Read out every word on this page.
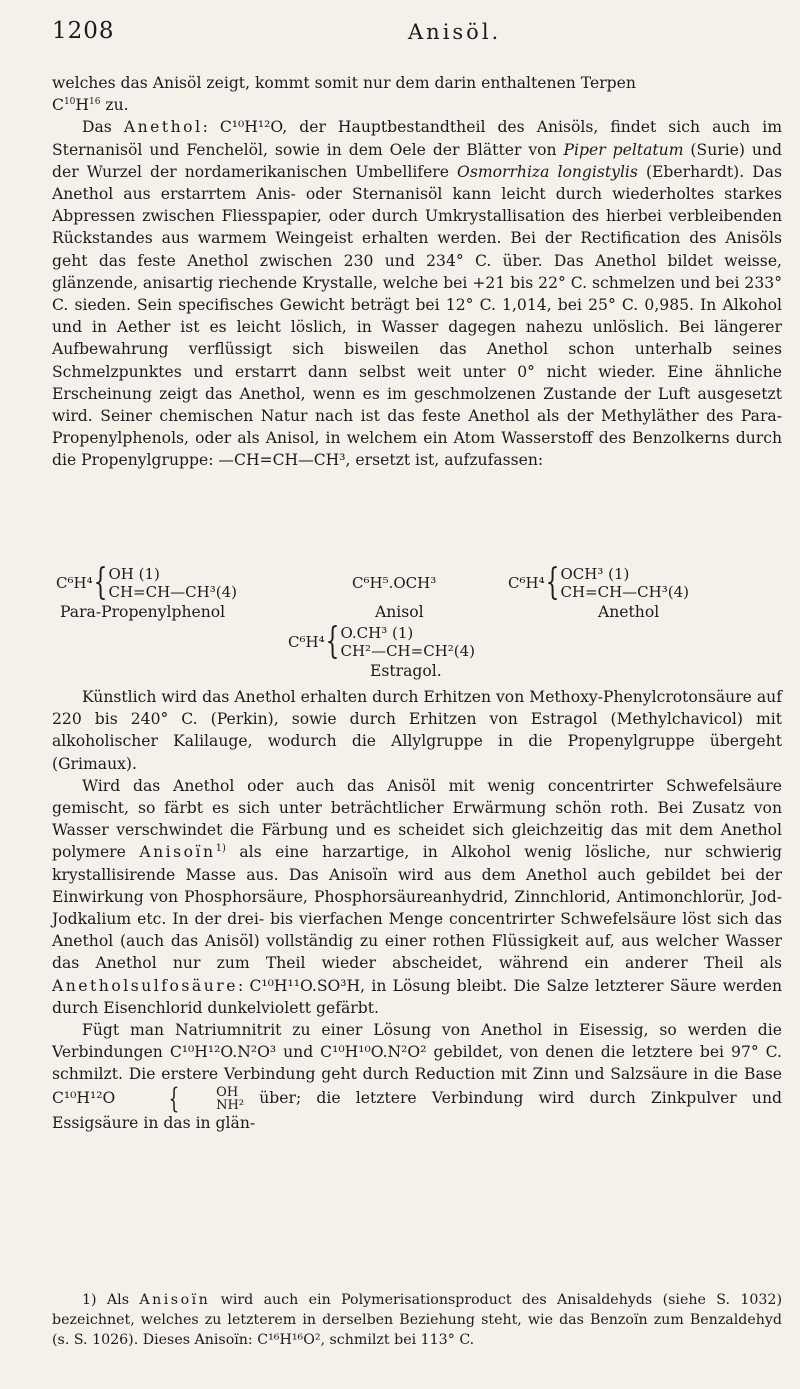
1208	Anisöl.

welches das Anisöl zeigt, kommt somit nur dem darin enthaltenen Terpen
$C^{10}H^{16}$ zu.

Das Anethol: C¹⁰H¹²O, der Hauptbestandtheil des Anisöls, findet sich auch im Sternanisöl und Fenchelöl, sowie in dem Oele der Blätter von Piper peltatum (Surie) und der Wurzel der nordamerikanischen Umbellifere Osmorrhiza longistylis (Eberhardt). Das Anethol aus erstarrtem Anis- oder Sternanisöl kann leicht durch wiederholtes starkes Abpressen zwischen Fliesspapier, oder durch Umkrystallisation des hierbei verbleibenden Rückstandes aus warmem Weingeist erhalten werden. Bei der Rectification des Anisöls geht das feste Anethol zwischen 230 und 234° C. über. Das Anethol bildet weisse, glänzende, anisartig riechende Krystalle, welche bei +21 bis 22° C. schmelzen und bei 233° C. sieden. Sein specifisches Gewicht beträgt bei 12° C. 1,014, bei 25° C. 0,985. In Alkohol und in Aether ist es leicht löslich, in Wasser dagegen nahezu unlöslich. Bei längerer Aufbewahrung verflüssigt sich bisweilen das Anethol schon unterhalb seines Schmelzpunktes und erstarrt dann selbst weit unter 0° nicht wieder. Eine ähnliche Erscheinung zeigt das Anethol, wenn es im geschmolzenen Zustande der Luft ausgesetzt wird. Seiner chemischen Natur nach ist das feste Anethol als der Methyläther des Para-Propenylphenols, oder als Anisol, in welchem ein Atom Wasserstoff des Benzolkerns durch die Propenylgruppe: —CH=CH—CH³, ersetzt ist, aufzufassen:

C⁶H⁴{ OH (1)
CH=CH—CH³(4)
Para-Propenylphenol
C⁶H⁵.OCH³
Anisol
C⁶H⁴{ OCH³ (1)
CH=CH—CH³(4)
Anethol
C⁶H⁴{ O.CH³ (1)
CH²—CH=CH²(4)
Estragol.

Künstlich wird das Anethol erhalten durch Erhitzen von Methoxy-Phenylcrotonsäure auf 220 bis 240° C. (Perkin), sowie durch Erhitzen von Estragol (Methylchavicol) mit alkoholischer Kalilauge, wodurch die Allylgruppe in die Propenylgruppe übergeht (Grimaux).

Wird das Anethol oder auch das Anisöl mit wenig concentrirter Schwefelsäure gemischt, so färbt es sich unter beträchtlicher Erwärmung schön roth. Bei Zusatz von Wasser verschwindet die Färbung und es scheidet sich gleichzeitig das mit dem Anethol polymere Anisoïn$^{1)}$ als eine harzartige, in Alkohol wenig lösliche, nur schwierig krystallisirende Masse aus. Das Anisoïn wird aus dem Anethol auch gebildet bei der Einwirkung von Phosphorsäure, Phosphorsäureanhydrid, Zinnchlorid, Antimonchlorür, Jod-Jodkalium etc. In der drei- bis vierfachen Menge concentrirter Schwefelsäure löst sich das Anethol (auch das Anisöl) vollständig zu einer rothen Flüssigkeit auf, aus welcher Wasser das Anethol nur zum Theil wieder abscheidet, während ein anderer Theil als Anetholsulfosäure: C¹⁰H¹¹O.SO³H, in Lösung bleibt. Die Salze letzterer Säure werden durch Eisenchlorid dunkelviolett gefärbt.

Fügt man Natriumnitrit zu einer Lösung von Anethol in Eisessig, so werden die Verbindungen C¹⁰H¹²O.N²O³ und C¹⁰H¹⁰O.N²O² gebildet, von denen die letztere bei 97° C. schmilzt. Die erstere Verbindung geht durch Reduction mit Zinn und Salzsäure in die Base C¹⁰H¹²O {	OH
NH² über; die letztere Verbindung wird durch Zinkpulver und Essigsäure in das in glän-

1) Als Anisoïn wird auch ein Polymerisationsproduct des Anisaldehyds (siehe S. 1032) bezeichnet, welches zu letzterem in derselben Beziehung steht, wie das Benzoïn zum Benzaldehyd (s. S. 1026). Dieses Anisoïn: C¹⁶H¹⁶O², schmilzt bei 113° C.
